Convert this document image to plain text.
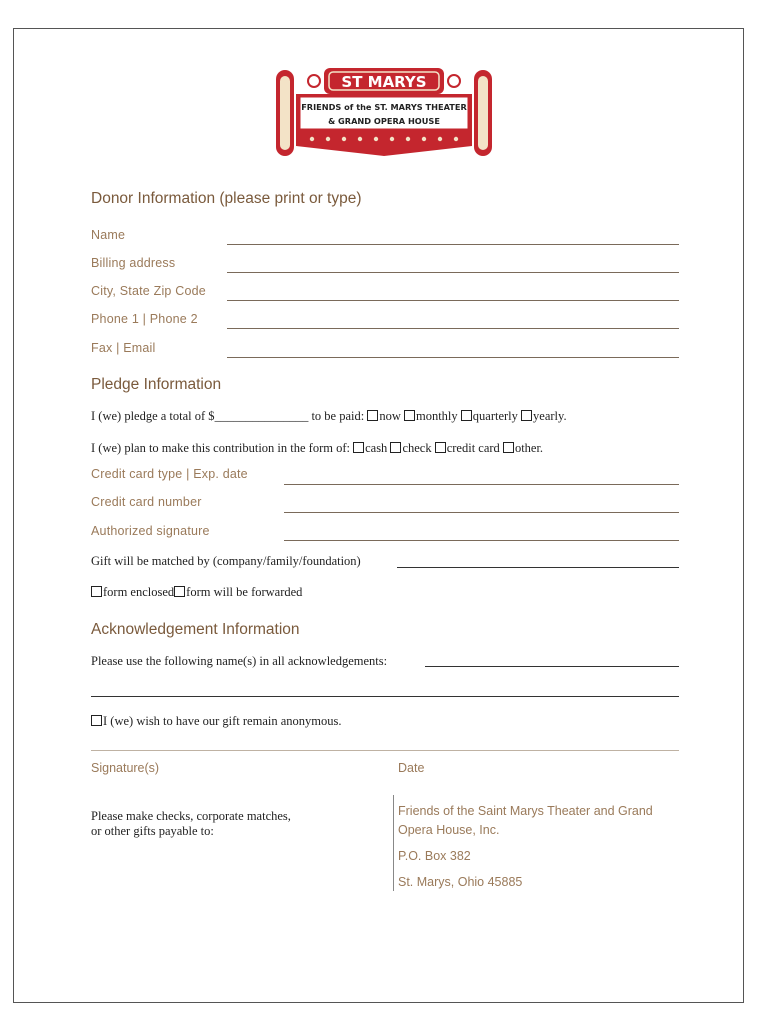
ST MARYS
FRIENDS of the ST. MARYS THEATER
& GRAND OPERA HOUSE
Donor Information (please print or type)
Name
Billing address
City, State Zip Code
Phone 1 | Phone 2
Fax | Email
Pledge Information
I (we) pledge a total of $_______________ to be paid: now monthly quarterly yearly.
I (we) plan to make this contribution in the form of: cash check credit card other.
Credit card type | Exp. date
Credit card number
Authorized signature
Gift will be matched by (company/family/foundation)
form enclosed form will be forwarded
Acknowledgement Information
Please use the following name(s) in all acknowledgements:
I (we) wish to have our gift remain anonymous.
Signature(s)	Date
Please make checks, corporate matches,
or other gifts payable to:
Friends of the Saint Marys Theater and Grand
Opera House, Inc.
P.O. Box 382
St. Marys, Ohio 45885
